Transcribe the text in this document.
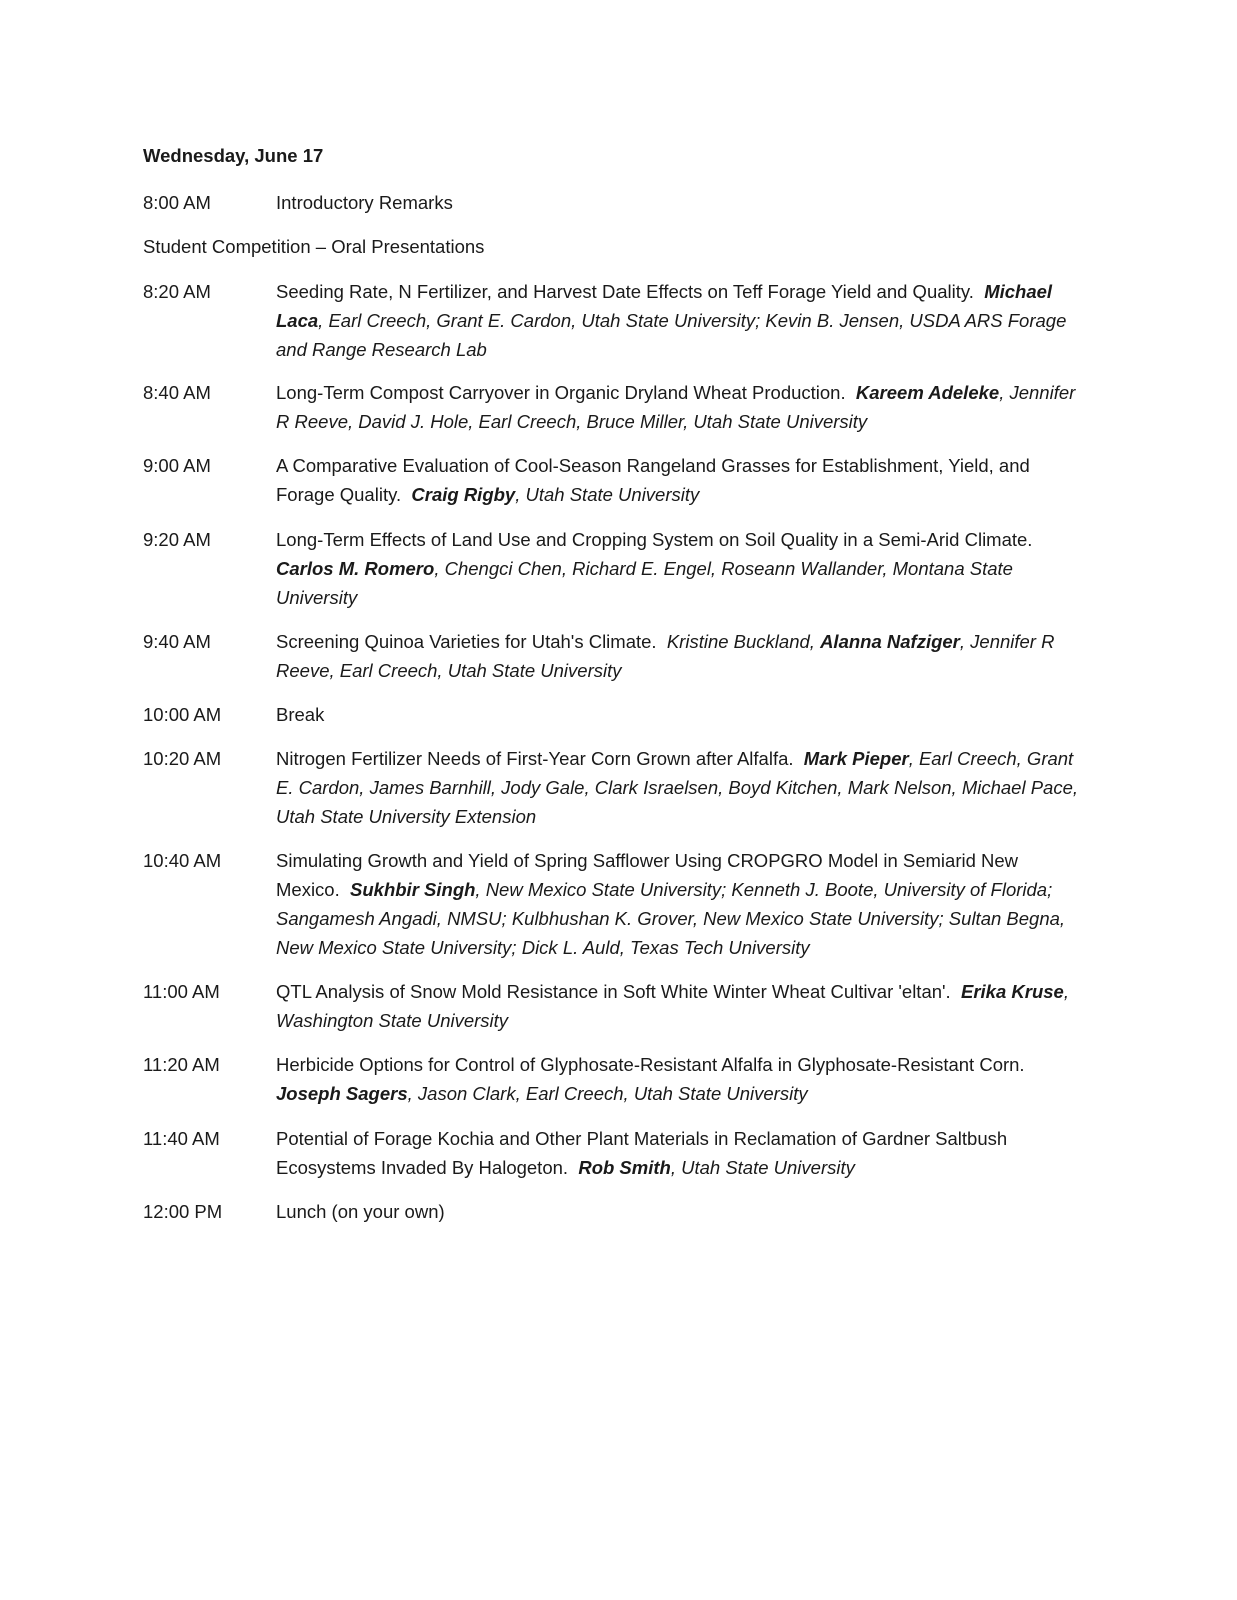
Wednesday, June 17
8:00 AM	Introductory Remarks
Student Competition – Oral Presentations
8:20 AM	Seeding Rate, N Fertilizer, and Harvest Date Effects on Teff Forage Yield and Quality. Michael Laca, Earl Creech, Grant E. Cardon, Utah State University; Kevin B. Jensen, USDA ARS Forage and Range Research Lab
8:40 AM	Long-Term Compost Carryover in Organic Dryland Wheat Production. Kareem Adeleke, Jennifer R Reeve, David J. Hole, Earl Creech, Bruce Miller, Utah State University
9:00 AM	A Comparative Evaluation of Cool-Season Rangeland Grasses for Establishment, Yield, and Forage Quality. Craig Rigby, Utah State University
9:20 AM	Long-Term Effects of Land Use and Cropping System on Soil Quality in a Semi-Arid Climate.  Carlos M. Romero, Chengci Chen, Richard E. Engel, Roseann Wallander, Montana State University
9:40 AM	Screening Quinoa Varieties for Utah's Climate. Kristine Buckland, Alanna Nafziger, Jennifer R Reeve, Earl Creech, Utah State University
10:00 AM	Break
10:20 AM	Nitrogen Fertilizer Needs of First-Year Corn Grown after Alfalfa. Mark Pieper, Earl Creech, Grant E. Cardon, James Barnhill, Jody Gale, Clark Israelsen, Boyd Kitchen, Mark Nelson, Michael Pace, Utah State University Extension
10:40 AM	Simulating Growth and Yield of Spring Safflower Using CROPGRO Model in Semiarid New Mexico. Sukhbir Singh, New Mexico State University; Kenneth J. Boote, University of Florida; Sangamesh Angadi, NMSU; Kulbhushan K. Grover, New Mexico State University; Sultan Begna, New Mexico State University; Dick L. Auld, Texas Tech University
11:00 AM	QTL Analysis of Snow Mold Resistance in Soft White Winter Wheat Cultivar 'eltan'. Erika Kruse, Washington State University
11:20 AM	Herbicide Options for Control of Glyphosate-Resistant Alfalfa in Glyphosate-Resistant Corn.  Joseph Sagers, Jason Clark, Earl Creech, Utah State University
11:40 AM	Potential of Forage Kochia and Other Plant Materials in Reclamation of Gardner Saltbush Ecosystems Invaded By Halogeton. Rob Smith, Utah State University
12:00 PM	Lunch (on your own)
